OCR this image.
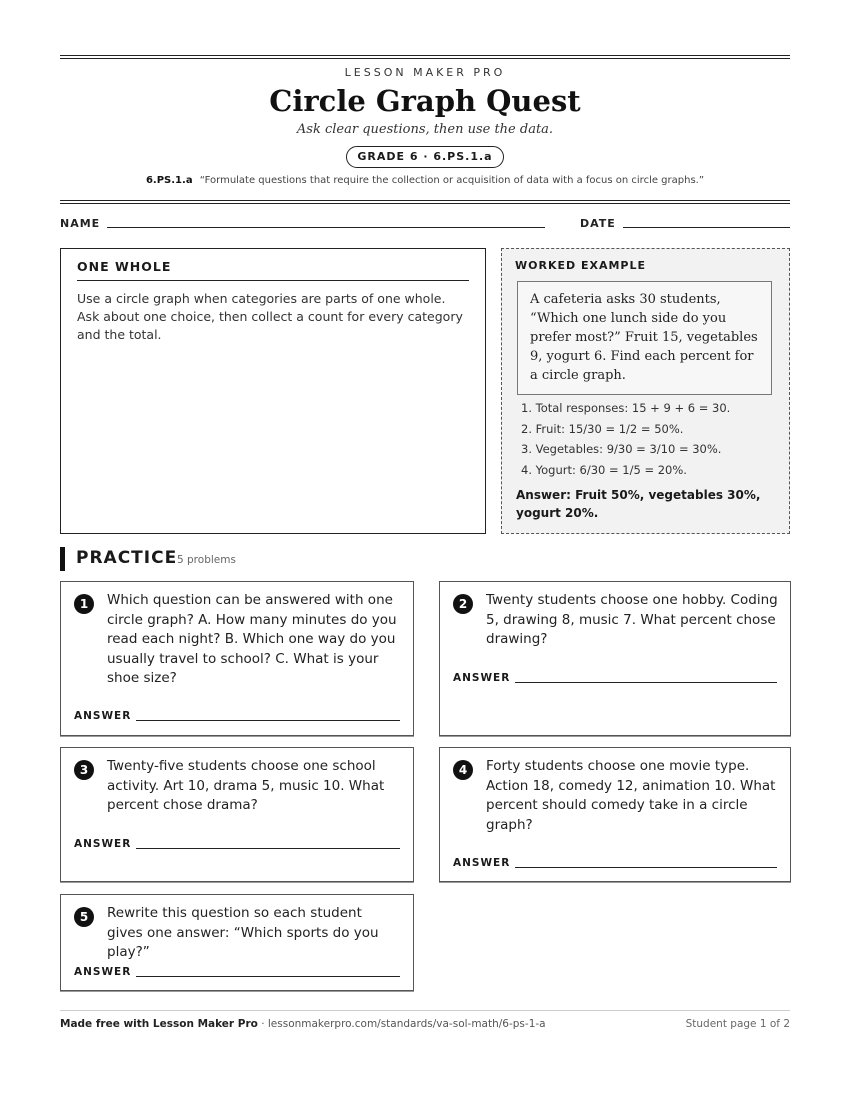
LESSON MAKER PRO
Circle Graph Quest
Ask clear questions, then use the data.
GRADE 6 · 6.PS.1.a
6.PS.1.a “Formulate questions that require the collection or acquisition of data with a focus on circle graphs.”
NAME	DATE
ONE WHOLE
Use a circle graph when categories are parts of one whole. Ask about one choice, then collect a count for every category and the total.
WORKED EXAMPLE
A cafeteria asks 30 students, “Which one lunch side do you prefer most?” Fruit 15, vegetables 9, yogurt 6. Find each percent for a circle graph.
1. Total responses: 15 + 9 + 6 = 30.
2. Fruit: 15/30 = 1/2 = 50%.
3. Vegetables: 9/30 = 3/10 = 30%.
4. Yogurt: 6/30 = 1/5 = 20%.
Answer: Fruit 50%, vegetables 30%, yogurt 20%.
PRACTICE 5 problems
1	Which question can be answered with one circle graph? A. How many minutes do you read each night? B. Which one way do you usually travel to school? C. What is your shoe size?
ANSWER
2	Twenty students choose one hobby. Coding 5, drawing 8, music 7. What percent chose drawing?
ANSWER
3	Twenty-five students choose one school activity. Art 10, drama 5, music 10. What percent chose drama?
ANSWER
4	Forty students choose one movie type. Action 18, comedy 12, animation 10. What percent should comedy take in a circle graph?
ANSWER
5	Rewrite this question so each student gives one answer: “Which sports do you play?”
ANSWER
Made free with Lesson Maker Pro · lessonmakerpro.com/standards/va-sol-math/6-ps-1-a	Student page 1 of 2
